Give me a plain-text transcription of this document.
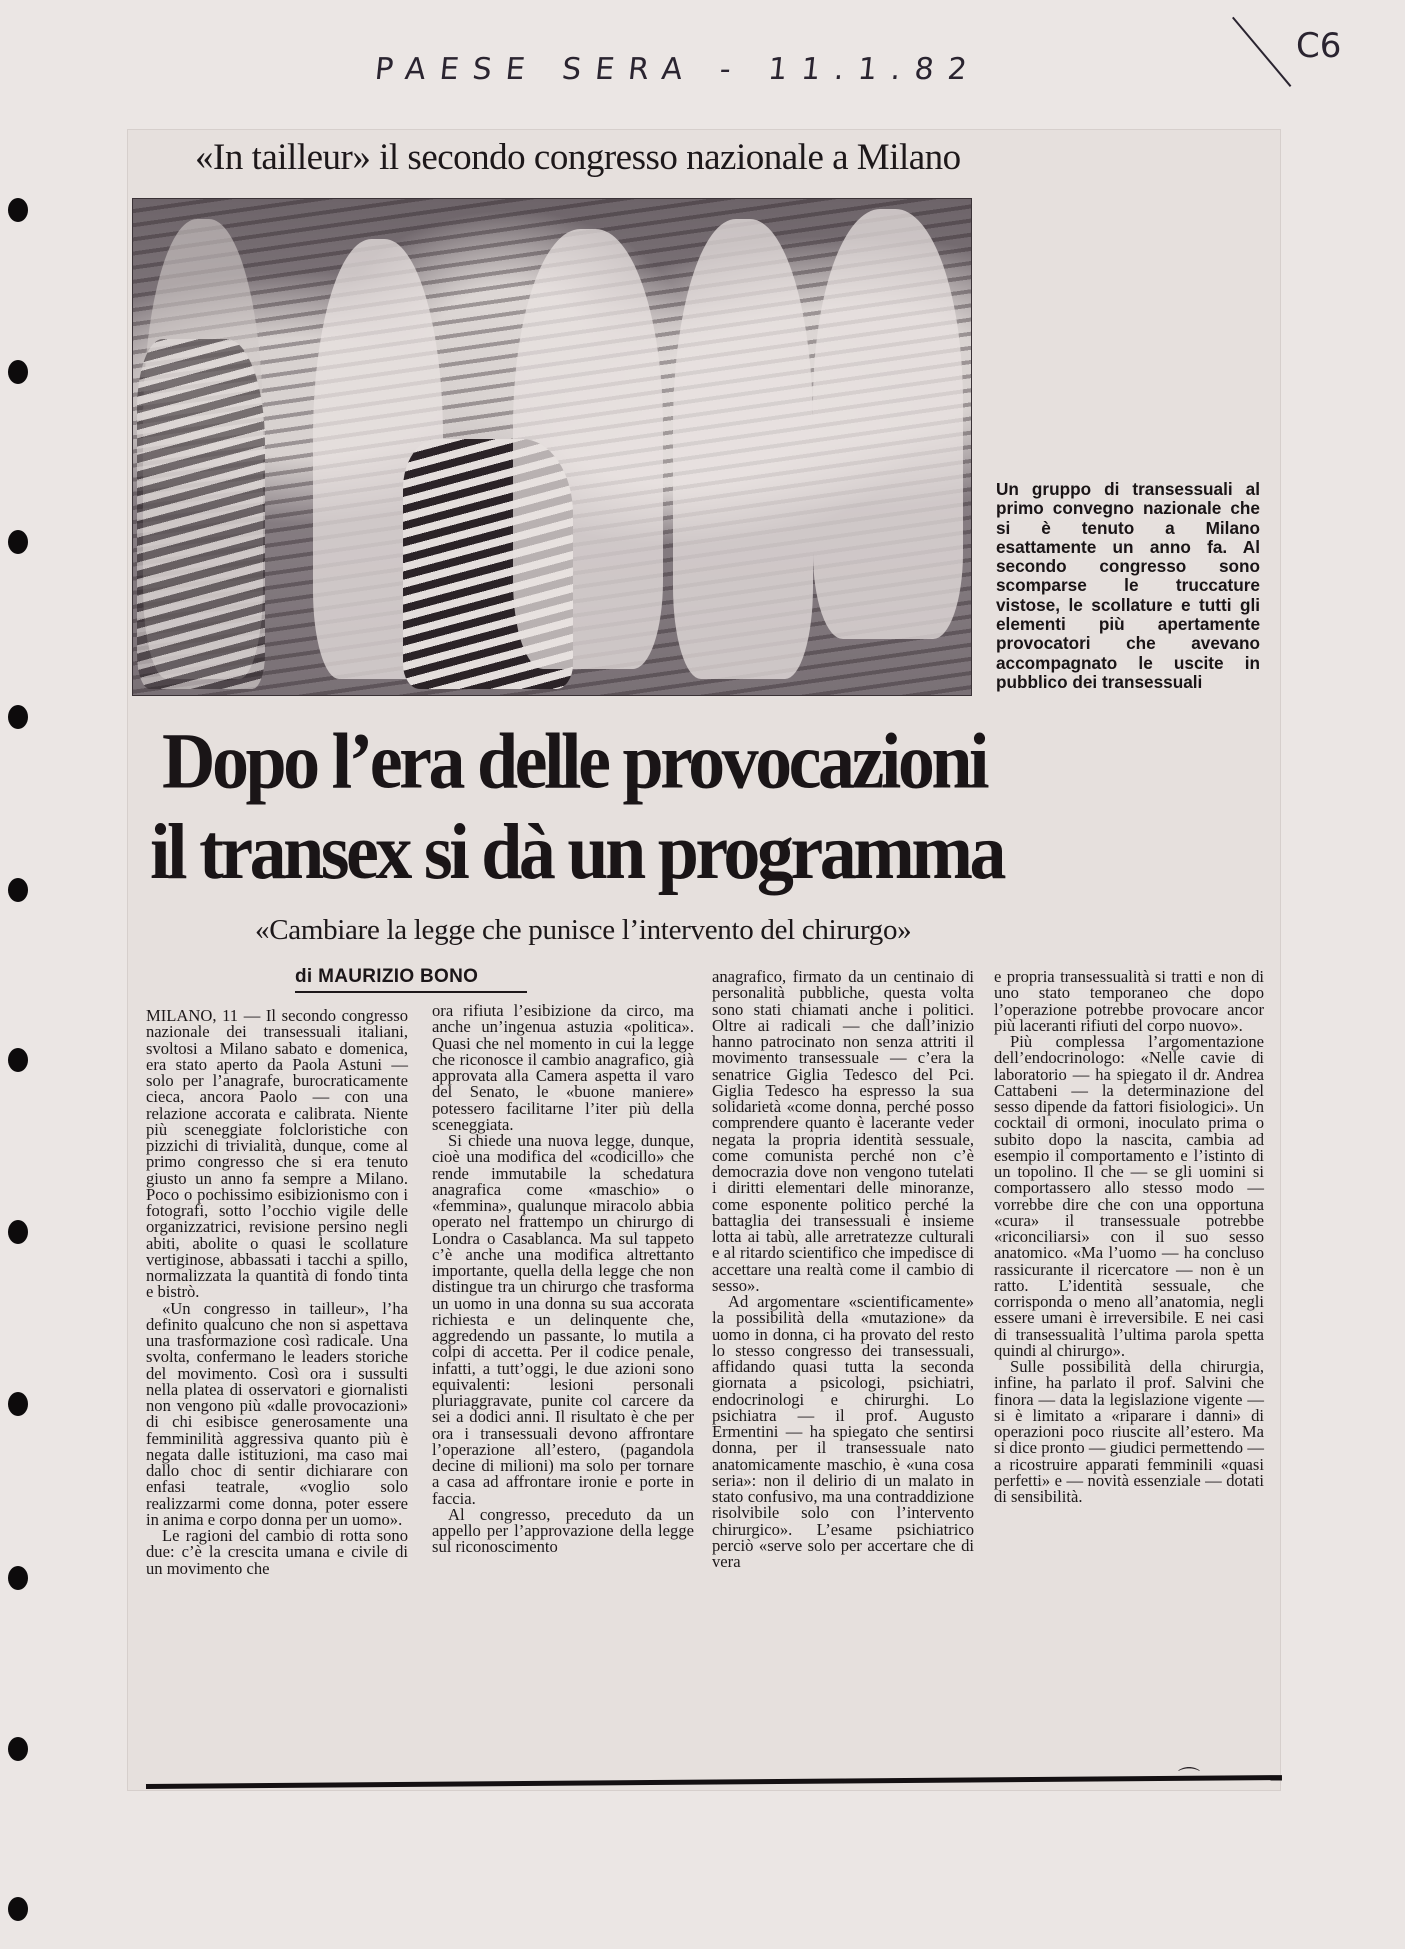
PAESE SERA - 11.1.82
C6
«In tailleur» il secondo congresso nazionale a Milano
Un gruppo di transessuali al primo convegno nazionale che si è tenuto a Milano esattamente un anno fa. Al secondo congresso sono scomparse le truccature vistose, le scollature e tutti gli elementi più apertamente provocatori che avevano accompagnato le uscite in pubblico dei transessuali
Dopo l’era delle provocazioni
il transex si dà un programma
«Cambiare la legge che punisce l’intervento del chirurgo»
di MAURIZIO BONO

MILANO, 11 — Il secondo congresso nazionale dei transessuali italiani, svoltosi a Milano sabato e domenica, era stato aperto da Paola Astuni — solo per l’anagrafe, burocraticamente cieca, ancora Paolo — con una relazione accorata e calibrata. Niente più sceneggiate folcloristiche con pizzichi di trivialità, dunque, come al primo congresso che si era tenuto giusto un anno fa sempre a Milano. Poco o pochissimo esibizionismo con i fotografi, sotto l’occhio vigile delle organizzatrici, revisione persino negli abiti, abolite o quasi le scollature vertiginose, abbassati i tacchi a spillo, normalizzata la quantità di fondo tinta e bistrò.

«Un congresso in tailleur», l’ha definito qualcuno che non si aspettava una trasformazione così radicale. Una svolta, confermano le leaders storiche del movimento. Così ora i sussulti nella platea di osservatori e giornalisti non vengono più «dalle provocazioni» di chi esibisce generosamente una femminilità aggressiva quanto più è negata dalle istituzioni, ma caso mai dallo choc di sentir dichiarare con enfasi teatrale, «voglio solo realizzarmi come donna, poter essere in anima e corpo donna per un uomo».

Le ragioni del cambio di rotta sono due: c’è la crescita umana e civile di un movimento che

ora rifiuta l’esibizione da circo, ma anche un’ingenua astuzia «politica». Quasi che nel momento in cui la legge che riconosce il cambio anagrafico, già approvata alla Camera aspetta il varo del Senato, le «buone maniere» potessero facilitarne l’iter più della sceneggiata.

Si chiede una nuova legge, dunque, cioè una modifica del «codicillo» che rende immutabile la schedatura anagrafica come «maschio» o «femmina», qualunque miracolo abbia operato nel frattempo un chirurgo di Londra o Casablanca. Ma sul tappeto c’è anche una modifica altrettanto importante, quella della legge che non distingue tra un chirurgo che trasforma un uomo in una donna su sua accorata richiesta e un delinquente che, aggredendo un passante, lo mutila a colpi di accetta. Per il codice penale, infatti, a tutt’oggi, le due azioni sono equivalenti: lesioni personali pluriaggravate, punite col carcere da sei a dodici anni. Il risultato è che per ora i transessuali devono affrontare l’operazione all’estero, (pagandola decine di milioni) ma solo per tornare a casa ad affrontare ironie e porte in faccia.

Al congresso, preceduto da un appello per l’approvazione della legge sul riconoscimento

anagrafico, firmato da un centinaio di personalità pubbliche, questa volta sono stati chiamati anche i politici. Oltre ai radicali — che dall’inizio hanno patrocinato non senza attriti il movimento transessuale — c’era la senatrice Giglia Tedesco del Pci. Giglia Tedesco ha espresso la sua solidarietà «come donna, perché posso comprendere quanto è lacerante veder negata la propria identità sessuale, come comunista perché non c’è democrazia dove non vengono tutelati i diritti elementari delle minoranze, come esponente politico perché la battaglia dei transessuali è insieme lotta ai tabù, alle arretratezze culturali e al ritardo scientifico che impedisce di accettare una realtà come il cambio di sesso».

Ad argomentare «scientificamente» la possibilità della «mutazione» da uomo in donna, ci ha provato del resto lo stesso congresso dei transessuali, affidando quasi tutta la seconda giornata a psicologi, psichiatri, endocrinologi e chirurghi. Lo psichiatra — il prof. Augusto Ermentini — ha spiegato che sentirsi donna, per il transessuale nato anatomicamente maschio, è «una cosa seria»: non il delirio di un malato in stato confusivo, ma una contraddizione risolvibile solo con l’intervento chirurgico». L’esame psichiatrico perciò «serve solo per accertare che di vera

e propria transessualità si tratti e non di uno stato temporaneo che dopo l’operazione potrebbe provocare ancor più laceranti rifiuti del corpo nuovo».

Più complessa l’argomentazione dell’endocrinologo: «Nelle cavie di laboratorio — ha spiegato il dr. Andrea Cattabeni — la determinazione del sesso dipende da fattori fisiologici». Un cocktail di ormoni, inoculato prima o subito dopo la nascita, cambia ad esempio il comportamento e l’istinto di un topolino. Il che — se gli uomini si comportassero allo stesso modo — vorrebbe dire che con una opportuna «cura» il transessuale potrebbe «riconciliarsi» con il suo sesso anatomico. «Ma l’uomo — ha concluso rassicurante il ricercatore — non è un ratto. L’identità sessuale, che corrisponda o meno all’anatomia, negli essere umani è irreversibile. E nei casi di transessualità l’ultima parola spetta quindi al chirurgo».

Sulle possibilità della chirurgia, infine, ha parlato il prof. Salvini che finora — data la legislazione vigente — si è limitato a «riparare i danni» di operazioni poco riuscite all’estero. Ma si dice pronto — giudici permettendo — a ricostruire apparati femminili «quasi perfetti» e — novità essenziale — dotati di sensibilità.

⌒
